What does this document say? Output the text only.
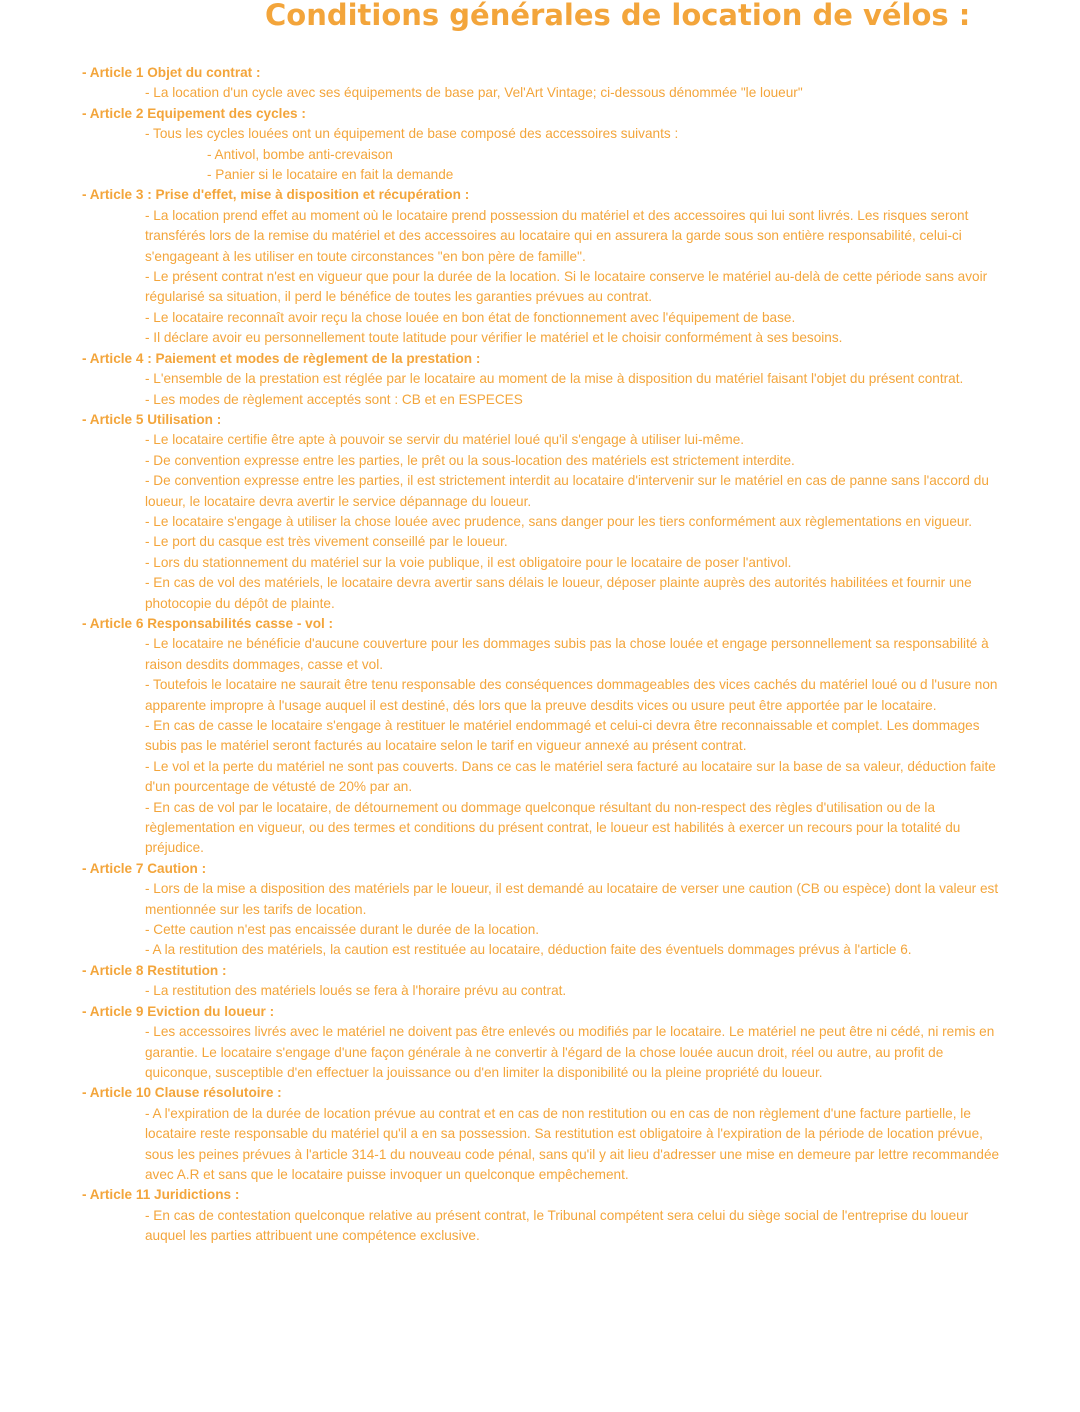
Conditions générales de location de vélos :

- Article 1 Objet du contrat :

- La location d'un cycle avec ses équipements de base par, Vel'Art Vintage; ci-dessous dénommée "le loueur"

- Article 2 Equipement des cycles :

- Tous les cycles louées ont un équipement de base composé des accessoires suivants :

- Antivol, bombe anti-crevaison

- Panier si le locataire en fait la demande

- Article 3 : Prise d'effet, mise à disposition et récupération :

- La location prend effet au moment où le locataire prend possession du matériel et des accessoires qui lui sont livrés. Les risques seront transférés lors de la remise du matériel et des accessoires au locataire qui en assurera la garde sous son entière responsabilité, celui-ci s'engageant à les utiliser en toute circonstances "en bon père de famille".

- Le présent contrat n'est en vigueur que pour la durée de la location. Si le locataire conserve le matériel au-delà de cette période sans avoir régularisé sa situation, il perd le bénéfice de toutes les garanties prévues au contrat.

- Le locataire reconnaît avoir reçu la chose louée en bon état de fonctionnement avec l'équipement de base.

- Il déclare avoir eu personnellement toute latitude pour vérifier le matériel et le choisir conformément à ses besoins.

- Article 4 : Paiement et modes de règlement de la prestation :

- L'ensemble de la prestation est réglée par le locataire au moment de la mise à disposition du matériel faisant l'objet du présent contrat.

- Les modes de règlement acceptés sont : CB et en ESPECES

- Article 5 Utilisation :

- Le locataire certifie être apte à pouvoir se servir du matériel loué qu'il s'engage à utiliser lui-même.

- De convention expresse entre les parties, le prêt ou la sous-location des matériels est strictement interdite.

- De convention expresse entre les parties, il est strictement interdit au locataire d'intervenir sur le matériel en cas de panne sans l'accord du loueur, le locataire devra avertir le service dépannage du loueur.

- Le locataire s'engage à utiliser la chose louée avec prudence, sans danger pour les tiers conformément aux règlementations en vigueur.

- Le port du casque est très vivement conseillé par le loueur.

- Lors du stationnement du matériel sur la voie publique, il est obligatoire pour le locataire de poser l'antivol.

- En cas de vol des matériels, le locataire devra avertir sans délais le loueur, déposer plainte auprès des autorités habilitées et fournir une photocopie du dépôt de plainte.

- Article 6 Responsabilités casse - vol :

- Le locataire ne bénéficie d'aucune couverture pour les dommages subis pas la chose louée et engage personnellement sa responsabilité à raison desdits dommages, casse et vol.

- Toutefois le locataire ne saurait être tenu responsable des conséquences dommageables des vices cachés du matériel loué ou d l'usure non apparente impropre à l'usage auquel il est destiné, dés lors que la preuve desdits vices ou usure peut être apportée par le locataire.

- En cas de casse le locataire s'engage à restituer le matériel endommagé et celui-ci devra être reconnaissable et complet. Les dommages subis pas le matériel seront facturés au locataire selon le tarif en vigueur annexé au présent contrat.

- Le vol et la perte du matériel ne sont pas couverts. Dans ce cas le matériel sera facturé au locataire sur la base de sa valeur, déduction faite d'un pourcentage de vétusté de 20% par an.

- En cas de vol par le locataire, de détournement ou dommage quelconque résultant du non-respect des règles d'utilisation ou de la règlementation en vigueur, ou des termes et conditions du présent contrat, le loueur est habilités à exercer un recours pour la totalité du préjudice.

- Article 7 Caution :

- Lors de la mise a disposition des matériels par le loueur, il est demandé au locataire de verser une caution (CB ou espèce) dont la valeur est mentionnée sur les tarifs de location.

- Cette caution n'est pas encaissée durant le durée de la location.

- A la restitution des matériels, la caution est restituée au locataire, déduction faite des éventuels dommages prévus à l'article 6.

- Article 8 Restitution :

- La restitution des matériels loués se fera à l'horaire prévu au contrat.

- Article 9 Eviction du loueur :

- Les accessoires livrés avec le matériel ne doivent pas être enlevés ou modifiés par le locataire. Le matériel ne peut être ni cédé, ni remis en garantie. Le locataire s'engage d'une façon générale à ne convertir à l'égard de la chose louée aucun droit, réel ou autre, au profit de quiconque, susceptible d'en effectuer la jouissance ou d'en limiter la disponibilité ou la pleine propriété du loueur.

- Article 10 Clause résolutoire :

- A l'expiration de la durée de location prévue au contrat et en cas de non restitution ou en cas de non règlement d'une facture partielle, le locataire reste responsable du matériel qu'il a en sa possession. Sa restitution est obligatoire à l'expiration de la période de location prévue, sous les peines prévues à l'article 314-1 du nouveau code pénal, sans qu'il y ait lieu d'adresser une mise en demeure par lettre recommandée avec A.R et sans que le locataire puisse invoquer un quelconque empêchement.

- Article 11 Juridictions :

- En cas de contestation quelconque relative au présent contrat, le Tribunal compétent sera celui du siège social de l'entreprise du loueur auquel les parties attribuent une compétence exclusive.
